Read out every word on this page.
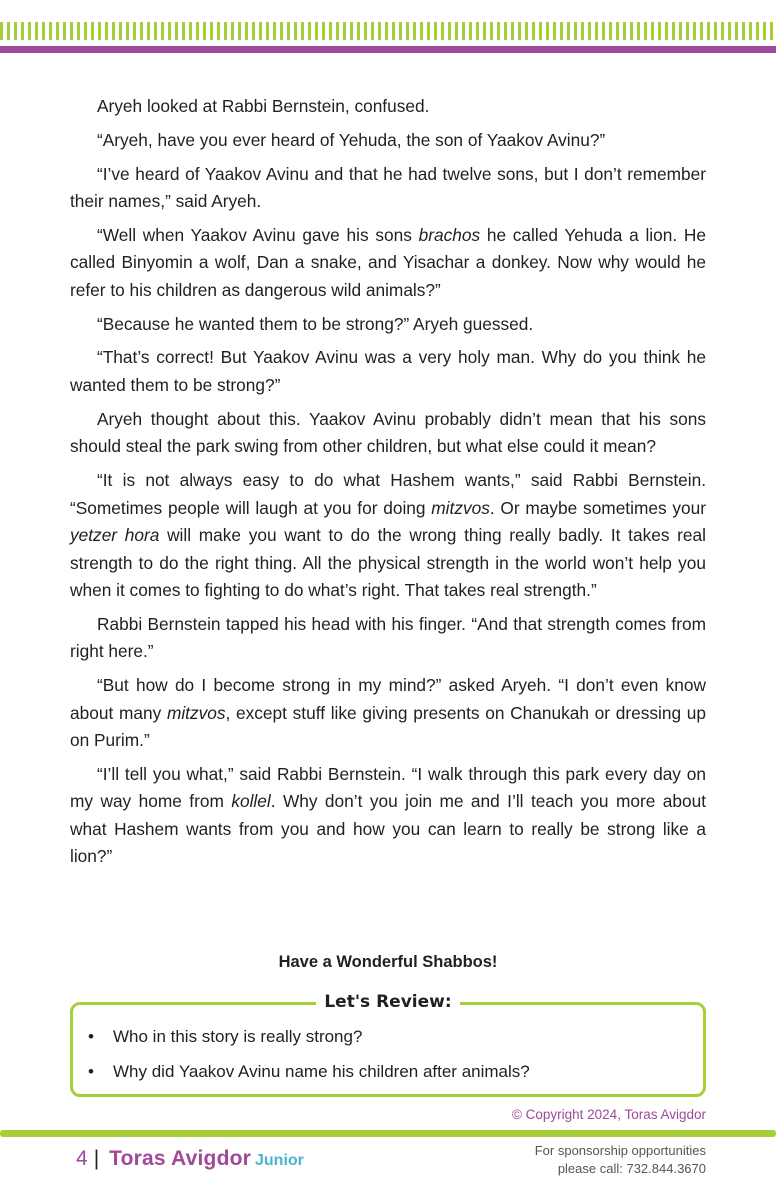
Aryeh looked at Rabbi Bernstein, confused.

“Aryeh, have you ever heard of Yehuda, the son of Yaakov Avinu?”

“I’ve heard of Yaakov Avinu and that he had twelve sons, but I don’t remember their names,” said Aryeh.

“Well when Yaakov Avinu gave his sons brachos he called Yehuda a lion. He called Binyomin a wolf, Dan a snake, and Yisachar a donkey. Now why would he refer to his children as dangerous wild animals?”

“Because he wanted them to be strong?” Aryeh guessed.

“That’s correct! But Yaakov Avinu was a very holy man. Why do you think he wanted them to be strong?”

Aryeh thought about this. Yaakov Avinu probably didn’t mean that his sons should steal the park swing from other children, but what else could it mean?

“It is not always easy to do what Hashem wants,” said Rabbi Bernstein. “Sometimes people will laugh at you for doing mitzvos. Or maybe sometimes your yetzer hora will make you want to do the wrong thing really badly. It takes real strength to do the right thing. All the physical strength in the world won’t help you when it comes to fighting to do what’s right. That takes real strength.”

Rabbi Bernstein tapped his head with his finger. “And that strength comes from right here.”

“But how do I become strong in my mind?” asked Aryeh. “I don’t even know about many mitzvos, except stuff like giving presents on Chanukah or dressing up on Purim.”

“I’ll tell you what,” said Rabbi Bernstein. “I walk through this park every day on my way home from kollel. Why don’t you join me and I’ll teach you more about what Hashem wants from you and how you can learn to really be strong like a lion?”

Have a Wonderful Shabbos!
Let's Review:
• Who in this story is really strong?
• Why did Yaakov Avinu name his children after animals?
© Copyright 2024, Toras Avigdor
4 | Toras Avigdor Junior
For sponsorship opportunities
please call: 732.844.3670
